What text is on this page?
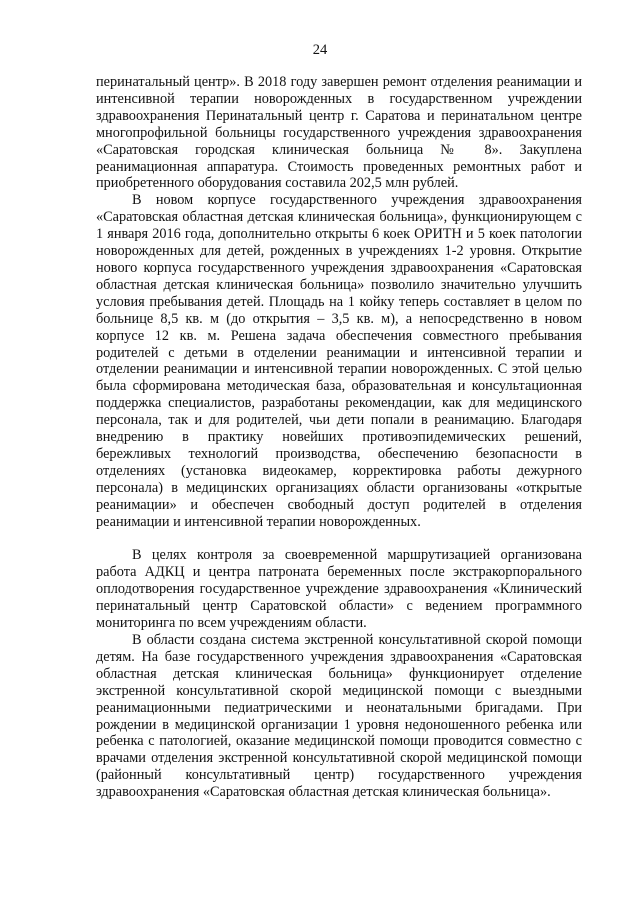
24

перинатальный центр». В 2018 году завершен ремонт отделения реанимации и интенсивной терапии новорожденных в государственном учреждении здравоохранения Перинатальный центр г. Саратова и перинатальном центре многопрофильной больницы государственного учреждения здравоохранения «Саратовская городская клиническая больница № 8». Закуплена реанимационная аппаратура. Стоимость проведенных ремонтных работ и приобретенного оборудования составила 202,5 млн рублей.

В новом корпусе государственного учреждения здравоохранения «Саратовская областная детская клиническая больница», функционирующем с 1 января 2016 года, дополнительно открыты 6 коек ОРИТН и 5 коек патологии новорожденных для детей, рожденных в учреждениях 1-2 уровня. Открытие нового корпуса государственного учреждения здравоохранения «Саратовская областная детская клиническая больница» позволило значительно улучшить условия пребывания детей. Площадь на 1 койку теперь составляет в целом по больнице 8,5 кв. м (до открытия – 3,5 кв. м), а непосредственно в новом корпусе 12 кв. м. Решена задача обеспечения совместного пребывания родителей с детьми в отделении реанимации и интенсивной терапии и отделении реанимации и интенсивной терапии новорожденных. С этой целью была сформирована методическая база, образовательная и консультационная поддержка специалистов, разработаны рекомендации, как для медицинского персонала, так и для родителей, чьи дети попали в реанимацию. Благодаря внедрению в практику новейших противоэпидемических решений, бережливых технологий производства, обеспечению безопасности в отделениях (установка видеокамер, корректировка работы дежурного персонала) в медицинских организациях области организованы «открытые реанимации» и обеспечен свободный доступ родителей в отделения реанимации и интенсивной терапии новорожденных.

В целях контроля за своевременной маршрутизацией организована работа АДКЦ и центра патроната беременных после экстракорпорального оплодотворения государственное учреждение здравоохранения «Клинический перинатальный центр Саратовской области» с ведением программного мониторинга по всем учреждениям области.

В области создана система экстренной консультативной скорой помощи детям. На базе государственного учреждения здравоохранения «Саратовская областная детская клиническая больница» функционирует отделение экстренной консультативной скорой медицинской помощи с выездными реанимационными педиатрическими и неонатальными бригадами. При рождении в медицинской организации 1 уровня недоношенного ребенка или ребенка с патологией, оказание медицинской помощи проводится совместно с врачами отделения экстренной консультативной скорой медицинской помощи (районный консультативный центр) государственного учреждения здравоохранения «Саратовская областная детская клиническая больница».
